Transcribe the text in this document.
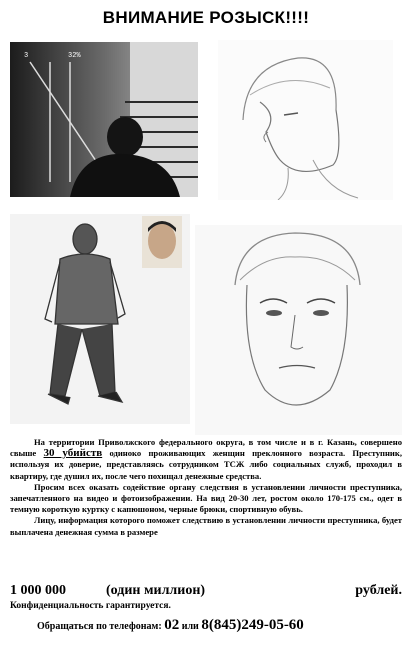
ВНИМАНИЕ РОЗЫСК!!!!
3	32%

На территории Приволжского федерального округа, в том числе и в г. Казань, совершено свыше 30 убийств одиноко проживающих женщин преклонного возраста. Преступник, используя их доверие, представляясь сотрудником ТСЖ либо социальных служб, проходил в квартиру, где душил их, после чего похищал денежные средства.

Просим всех оказать содействие органу следствия в установлении личности преступника, запечатленного на видео и фотоизображении. На вид 20-30 лет, ростом около 170-175 см., одет в темную короткую куртку с капюшоном, черные брюки, спортивную обувь.

Лицу, информация которого поможет следствию в установлении личности преступника, будет выплачена денежная сумма в размере

1 000 000	(один миллион)	рублей.
Конфиденциальность гарантируется.
Обращаться по телефонам: 02 или 8(845)249-05-60
